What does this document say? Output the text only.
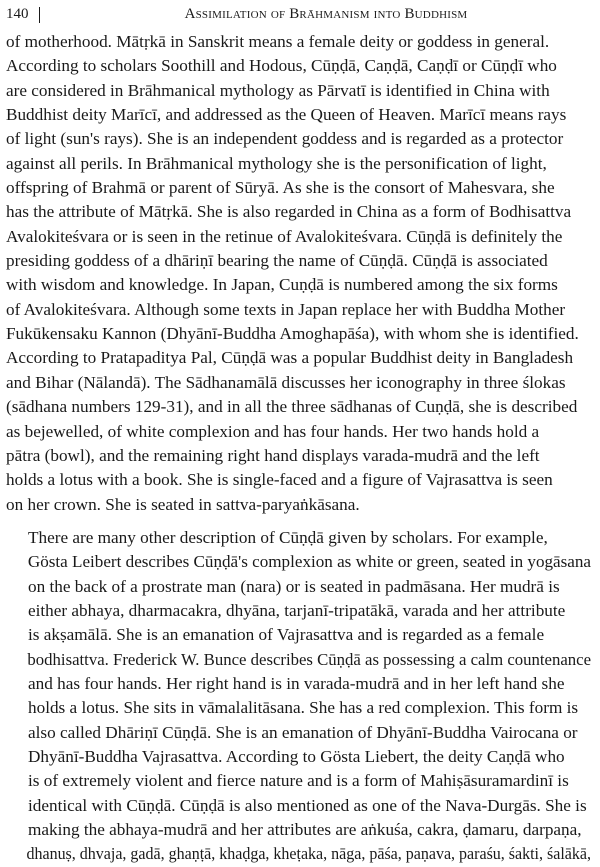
140	Assimilation of Brāhmanism into Buddhism

of motherhood. Mātṛkā in Sanskrit means a female deity or goddess in general.
According to scholars Soothill and Hodous, Cūṇḍā, Caṇḍā, Caṇḍī or Cūṇḍī who
are considered in Brāhmanical mythology as Pārvatī is identified in China with
Buddhist deity Marīcī, and addressed as the Queen of Heaven. Marīcī means rays
of light (sun's rays). She is an independent goddess and is regarded as a protector
against all perils. In Brāhmanical mythology she is the personification of light,
offspring of Brahmā or parent of Sūryā. As she is the consort of Mahesvara, she
has the attribute of Mātṛkā. She is also regarded in China as a form of Bodhisattva
Avalokiteśvara or is seen in the retinue of Avalokiteśvara. Cūṇḍā is definitely the
presiding goddess of a dhāriṇī bearing the name of Cūṇḍā. Cūṇḍā is associated
with wisdom and knowledge. In Japan, Cuṇḍā is numbered among the six forms
of Avalokiteśvara. Although some texts in Japan replace her with Buddha Mother
Fukūkensaku Kannon (Dhyānī-Buddha Amoghapāśa), with whom she is identified.
According to Pratapaditya Pal, Cūṇḍā was a popular Buddhist deity in Bangladesh
and Bihar (Nālandā). The Sādhanamālā discusses her iconography in three ślokas
(sādhana numbers 129-31), and in all the three sādhanas of Cuṇḍā, she is described
as bejewelled, of white complexion and has four hands. Her two hands hold a
pātra (bowl), and the remaining right hand displays varada-mudrā and the left
holds a lotus with a book. She is single-faced and a figure of Vajrasattva is seen
on her crown. She is seated in sattva-paryaṅkāsana.

There are many other description of Cūṇḍā given by scholars. For example,
Gösta Leibert describes Cūṇḍā's complexion as white or green, seated in yogāsana
on the back of a prostrate man (nara) or is seated in padmāsana. Her mudrā is
either abhaya, dharmacakra, dhyāna, tarjanī-tripatākā, varada and her attribute
is akṣamālā. She is an emanation of Vajrasattva and is regarded as a female
bodhisattva. Frederick W. Bunce describes Cūṇḍā as possessing a calm countenance
and has four hands. Her right hand is in varada-mudrā and in her left hand she
holds a lotus. She sits in vāmalalitāsana. She has a red complexion. This form is
also called Dhāriṇī Cūṇḍā. She is an emanation of Dhyānī-Buddha Vairocana or
Dhyānī-Buddha Vajrasattva. According to Gösta Liebert, the deity Caṇḍā who
is of extremely violent and fierce nature and is a form of Mahiṣāsuramardinī is
identical with Cūṇḍā. Cūṇḍā is also mentioned as one of the Nava-Durgās. She is
making the abhaya-mudrā and her attributes are aṅkuśa, cakra, ḍamaru, darpaṇa,
dhanuṣ, dhvaja, gadā, ghaṇṭā, khaḍga, kheṭaka, nāga, pāśa, paṇava, paraśu, śakti, śalākā,
